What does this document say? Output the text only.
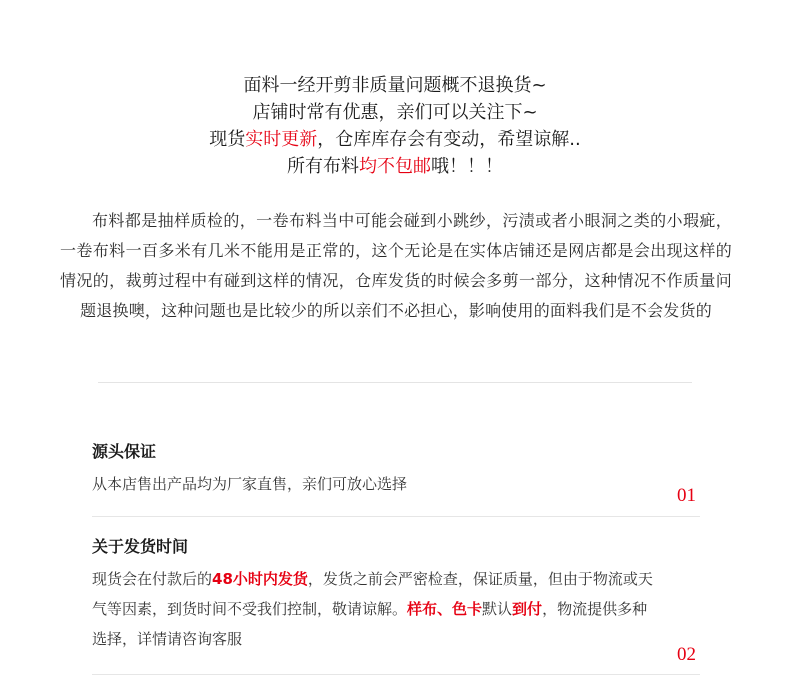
面料一经开剪非质量问题概不退换货~
店铺时常有优惠，亲们可以关注下~
现货实时更新，仓库库存会有变动，希望谅解..
所有布料均不包邮哦！！！

布料都是抽样质检的，一卷布料当中可能会碰到小跳纱，污渍或者小眼洞之类的小瑕疵，一卷布料一百多米有几米不能用是正常的，这个无论是在实体店铺还是网店都是会出现这样的情况的，裁剪过程中有碰到这样的情况，仓库发货的时候会多剪一部分，这种情况不作质量问题退换噢，这种问题也是比较少的所以亲们不必担心，影响使用的面料我们是不会发货的

源头保证
从本店售出产品均为厂家直售，亲们可放心选择
01
关于发货时间
现货会在付款后的48小时内发货，发货之前会严密检查，保证质量，但由于物流或天气等因素，到货时间不受我们控制，敬请谅解。样布、色卡默认到付，物流提供多种选择，详情请咨询客服
02
